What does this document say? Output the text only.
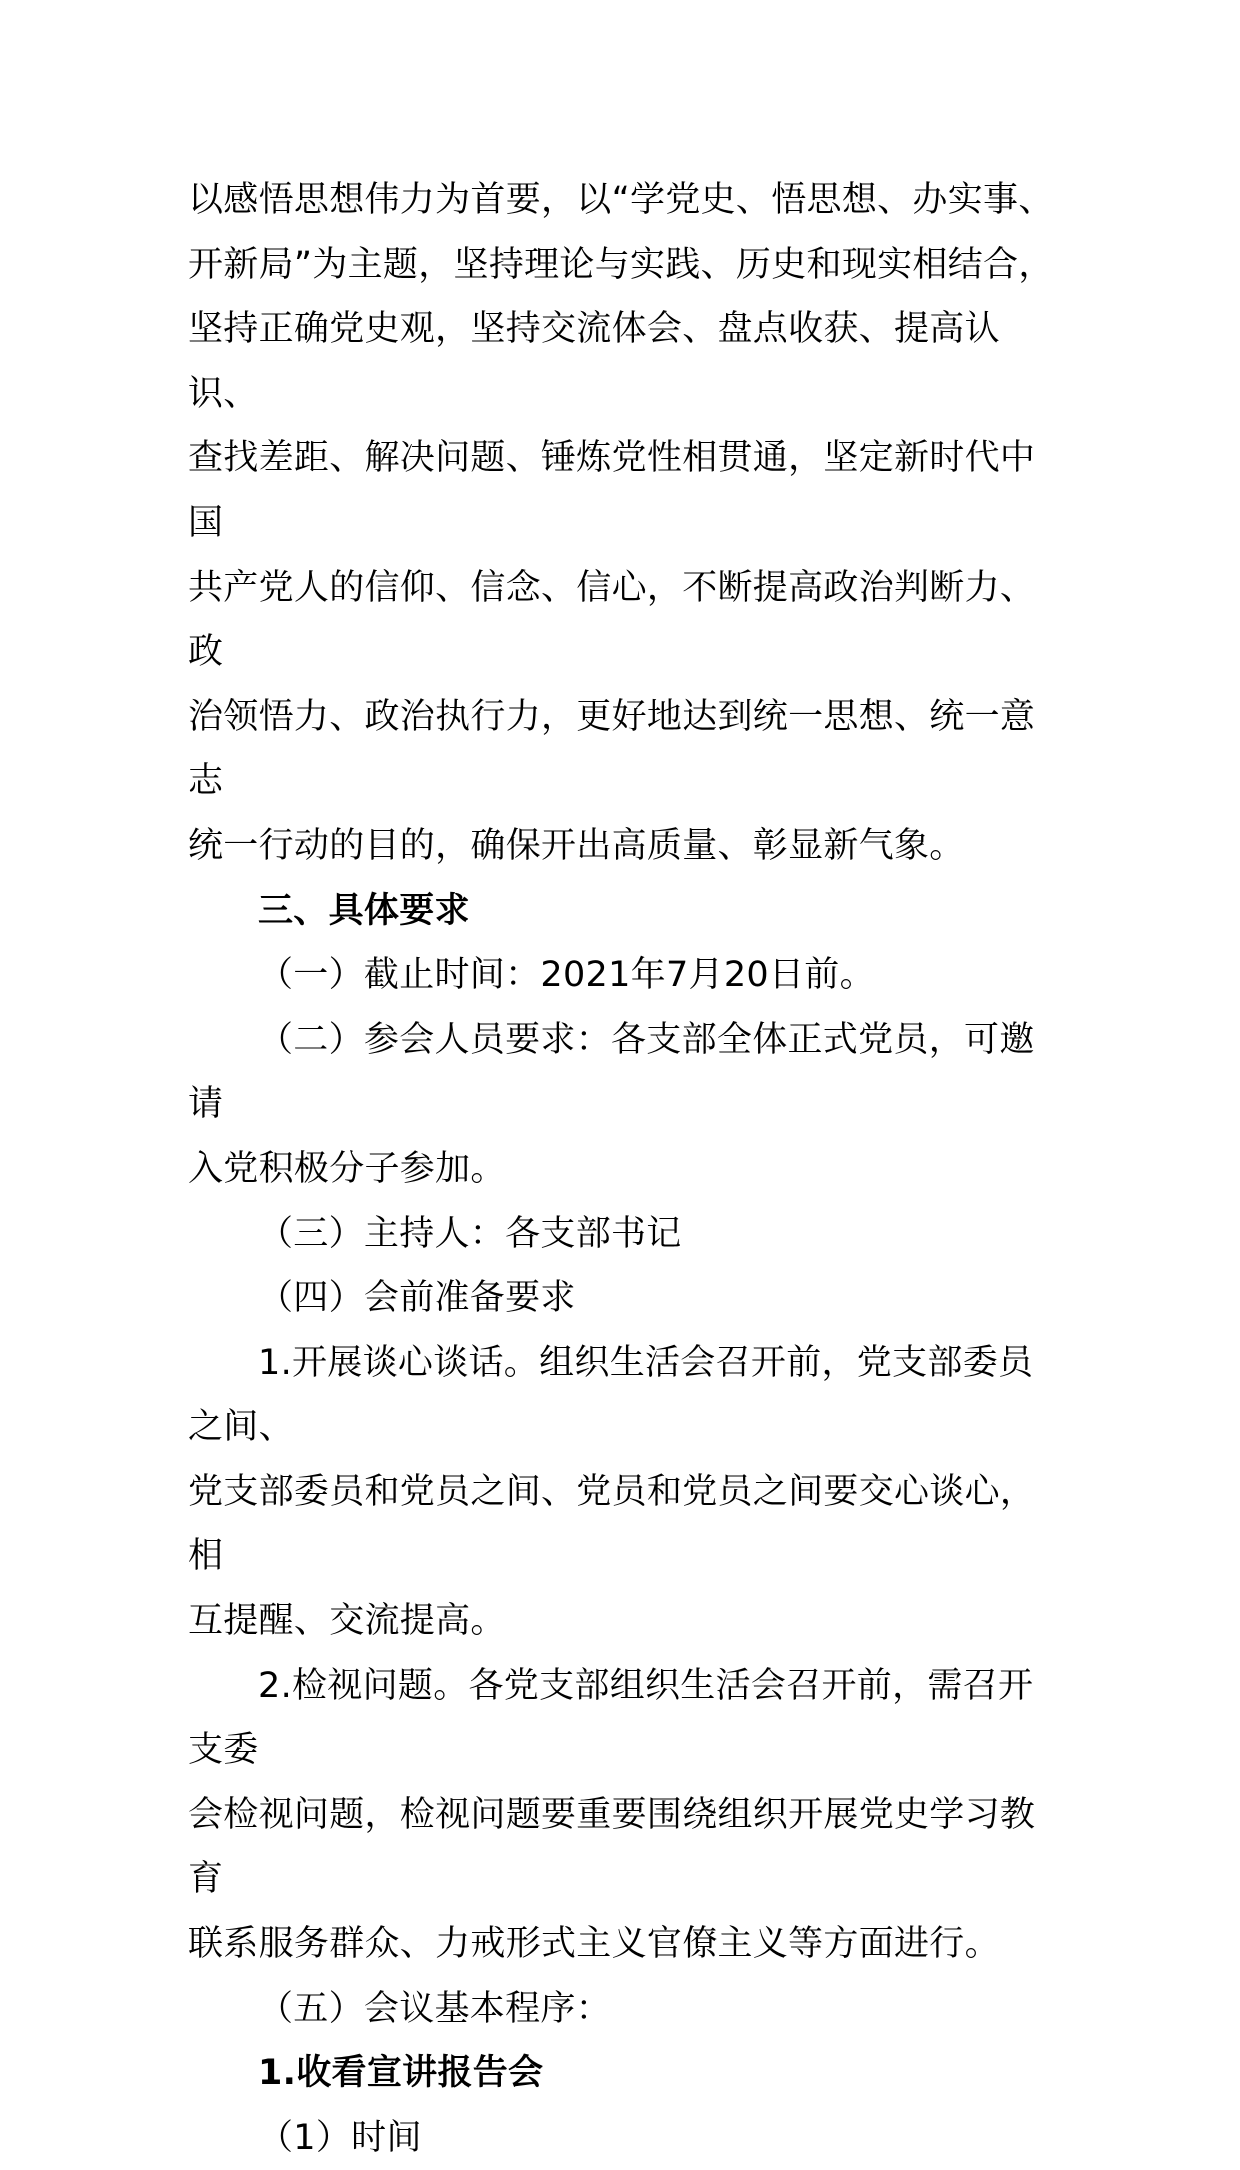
以感悟思想伟力为首要，以“学党史、悟思想、办实事、
开新局”为主题，坚持理论与实践、历史和现实相结合，
坚持正确党史观，坚持交流体会、盘点收获、提高认识、
查找差距、解决问题、锤炼党性相贯通，坚定新时代中国
共产党人的信仰、信念、信心，不断提高政治判断力、政
治领悟力、政治执行力，更好地达到统一思想、统一意志
统一行动的目的，确保开出高质量、彰显新气象。

三、具体要求

（一）截止时间：2021年7月20日前。

（二）参会人员要求：各支部全体正式党员，可邀请
入党积极分子参加。

（三）主持人：各支部书记

（四）会前准备要求

1.开展谈心谈话。组织生活会召开前，党支部委员之间、
党支部委员和党员之间、党员和党员之间要交心谈心，相
互提醒、交流提高。

2.检视问题。各党支部组织生活会召开前，需召开支委
会检视问题，检视问题要重要围绕组织开展党史学习教育
联系服务群众、力戒形式主义官僚主义等方面进行。

（五）会议基本程序：

1.收看宣讲报告会

（1）时间
